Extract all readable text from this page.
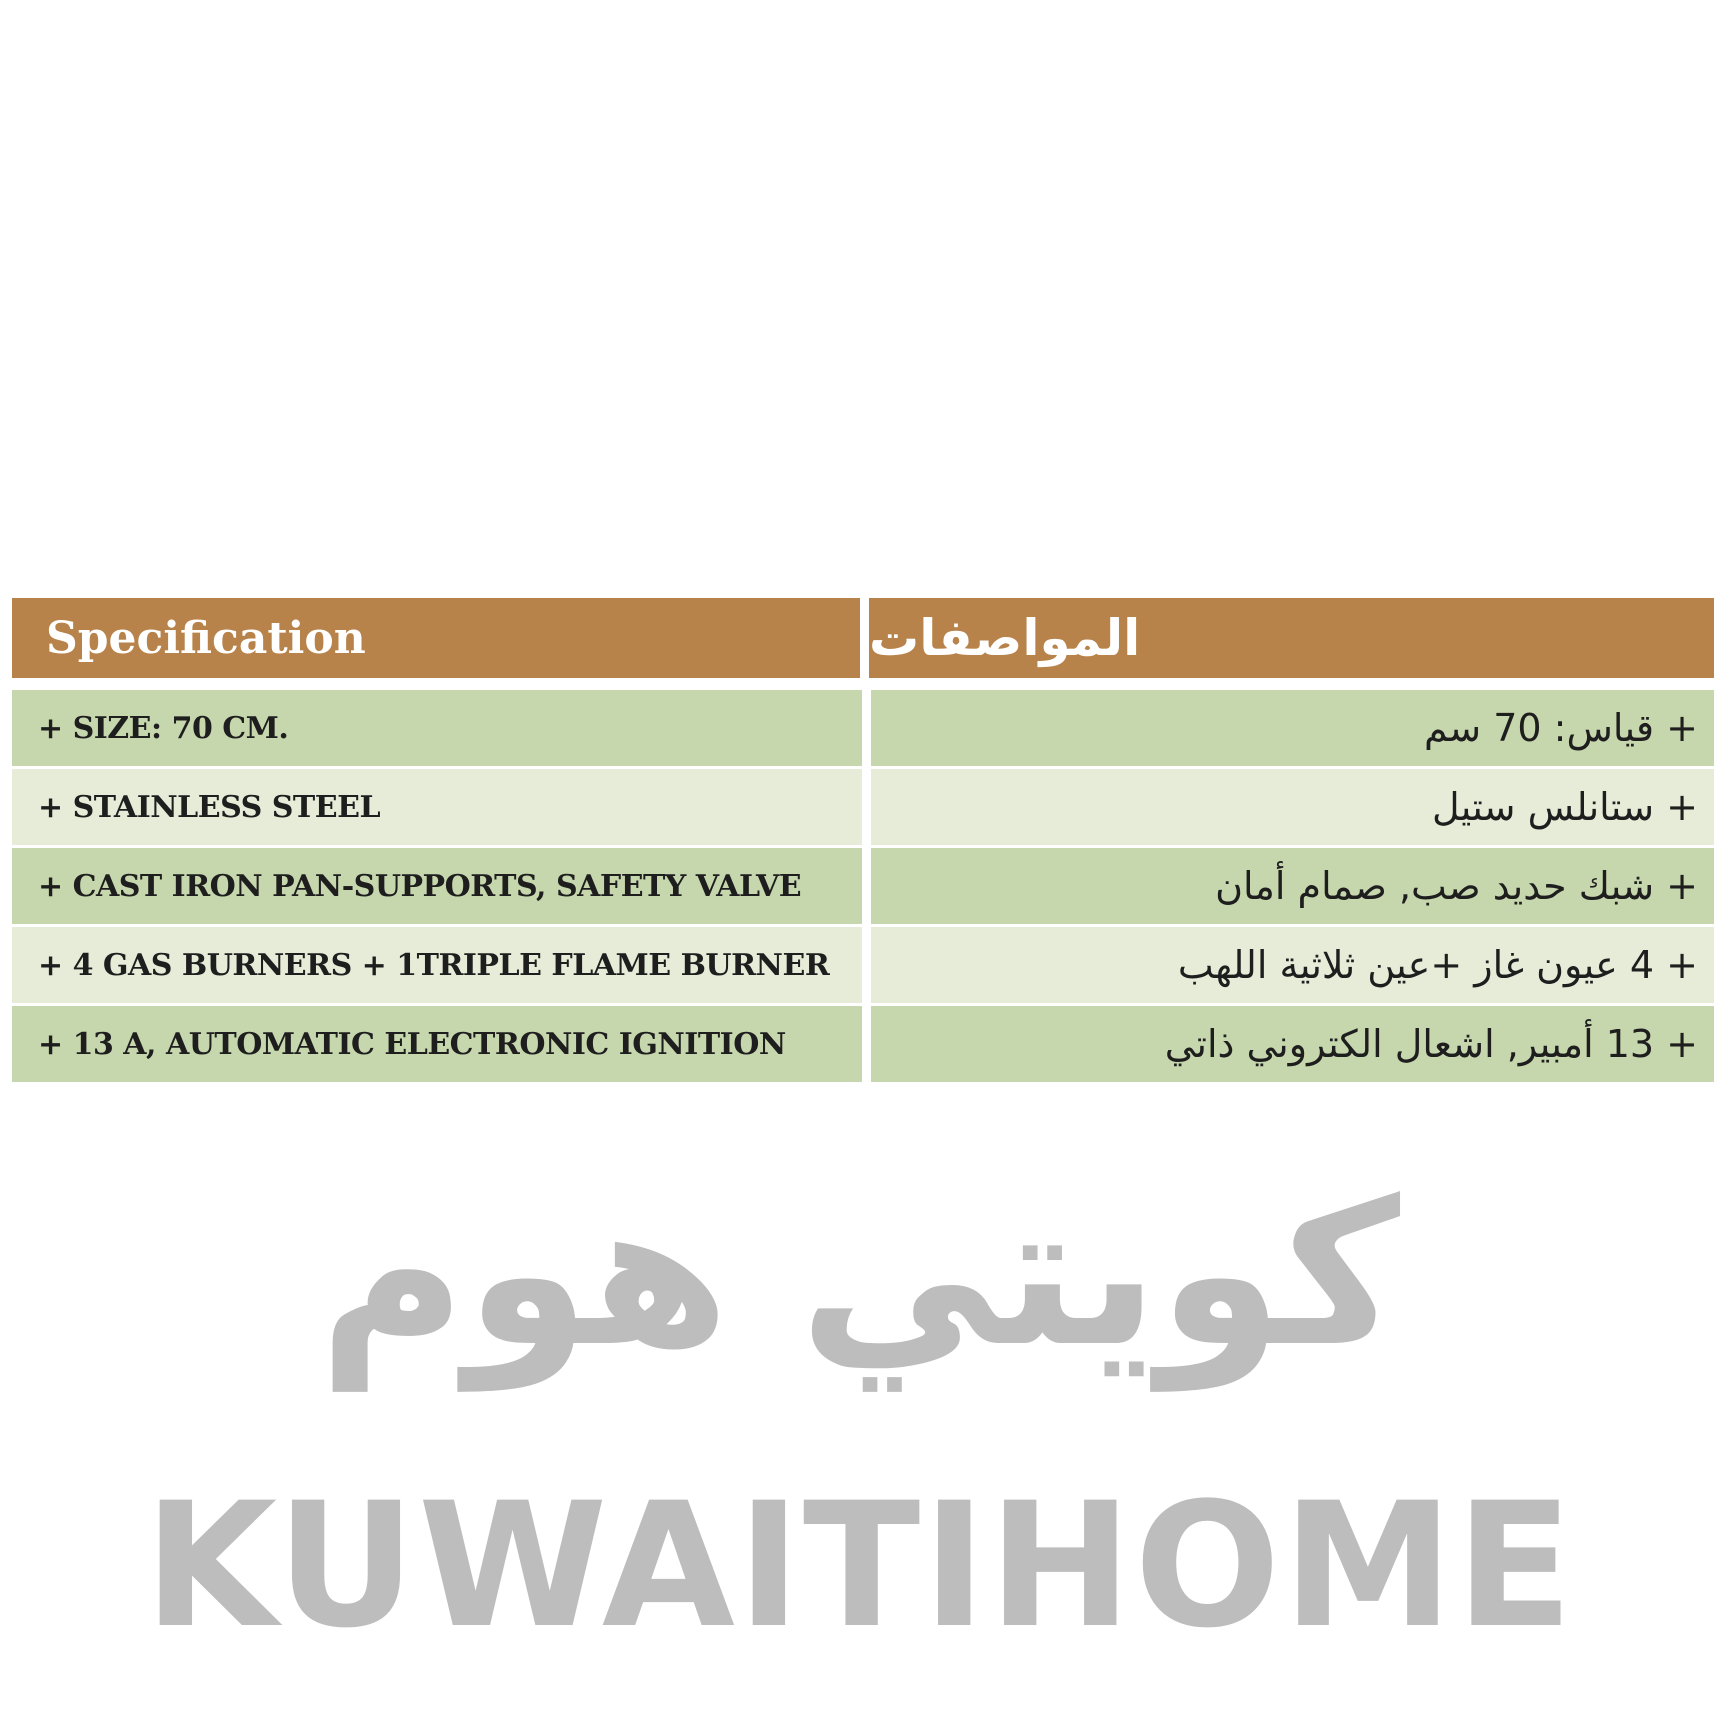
Specification	المواصفات
+ SIZE: 70 CM.	+ قياس: 70 سم
+ STAINLESS STEEL	+ ستانلس ستيل
+ CAST IRON PAN-SUPPORTS, SAFETY VALVE	+ شبك حديد صب, صمام أمان
+ 4 GAS BURNERS + 1TRIPLE FLAME BURNER	+ 4 عيون غاز +عين ثلاثية اللهب
+ 13 A, AUTOMATIC ELECTRONIC IGNITION	+ 13 أمبير, اشعال الكتروني ذاتي
كويتي هوم
KUWAITIHOME
